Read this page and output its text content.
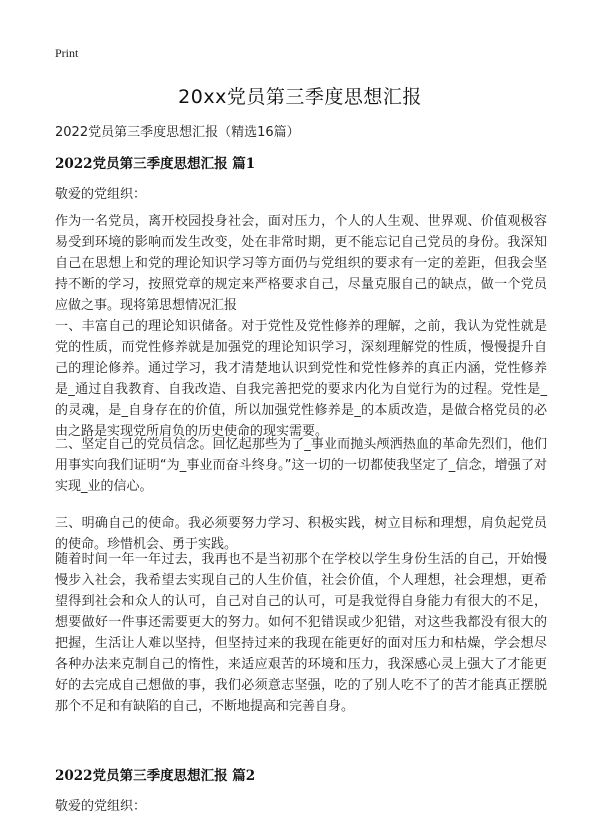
Print
20xx党员第三季度思想汇报

2022党员第三季度思想汇报（精选16篇）

2022党员第三季度思想汇报 篇1

敬爱的党组织：

作为一名党员，离开校园投身社会，面对压力，个人的人生观、世界观、价值观极容易受到环境的影响而发生改变，处在非常时期，更不能忘记自己党员的身份。我深知自己在思想上和党的理论知识学习等方面仍与党组织的要求有一定的差距，但我会坚持不断的学习，按照党章的规定来严格要求自己，尽量克服自己的缺点，做一个党员应做之事。现将第思想情况汇报

一、丰富自己的理论知识储备。对于党性及党性修养的理解，之前，我认为党性就是党的性质，而党性修养就是加强党的理论知识学习，深刻理解党的性质，慢慢提升自己的理论修养。通过学习，我才清楚地认识到党性和党性修养的真正内涵，党性修养是_通过自我教育、自我改造、自我完善把党的要求内化为自觉行为的过程。党性是_的灵魂，是_自身存在的价值，所以加强党性修养是_的本质改造，是做合格党员的必由之路是实现党所肩负的历史使命的现实需要。

二、坚定自己的党员信念。回忆起那些为了_事业而抛头颅洒热血的革命先烈们，他们用事实向我们证明“为_事业而奋斗终身。”这一切的一切都使我坚定了_信念，增强了对实现_业的信心。

三、明确自己的使命。我必须要努力学习、积极实践，树立目标和理想，肩负起党员的使命。珍惜机会、勇于实践。

随着时间一年一年过去，我再也不是当初那个在学校以学生身份生活的自己，开始慢慢步入社会，我希望去实现自己的人生价值，社会价值，个人理想，社会理想，更希望得到社会和众人的认可，自己对自己的认可，可是我觉得自身能力有很大的不足，想要做好一件事还需要更大的努力。如何不犯错误或少犯错，对这些我都没有很大的把握，生活让人难以坚持，但坚持过来的我现在能更好的面对压力和枯燥，学会想尽各种办法来克制自己的惰性，来适应艰苦的环境和压力，我深感心灵上强大了才能更好的去完成自己想做的事，我们必须意志坚强，吃的了别人吃不了的苦才能真正摆脱那个不足和有缺陷的自己，不断地提高和完善自身。

2022党员第三季度思想汇报 篇2

敬爱的党组织：
